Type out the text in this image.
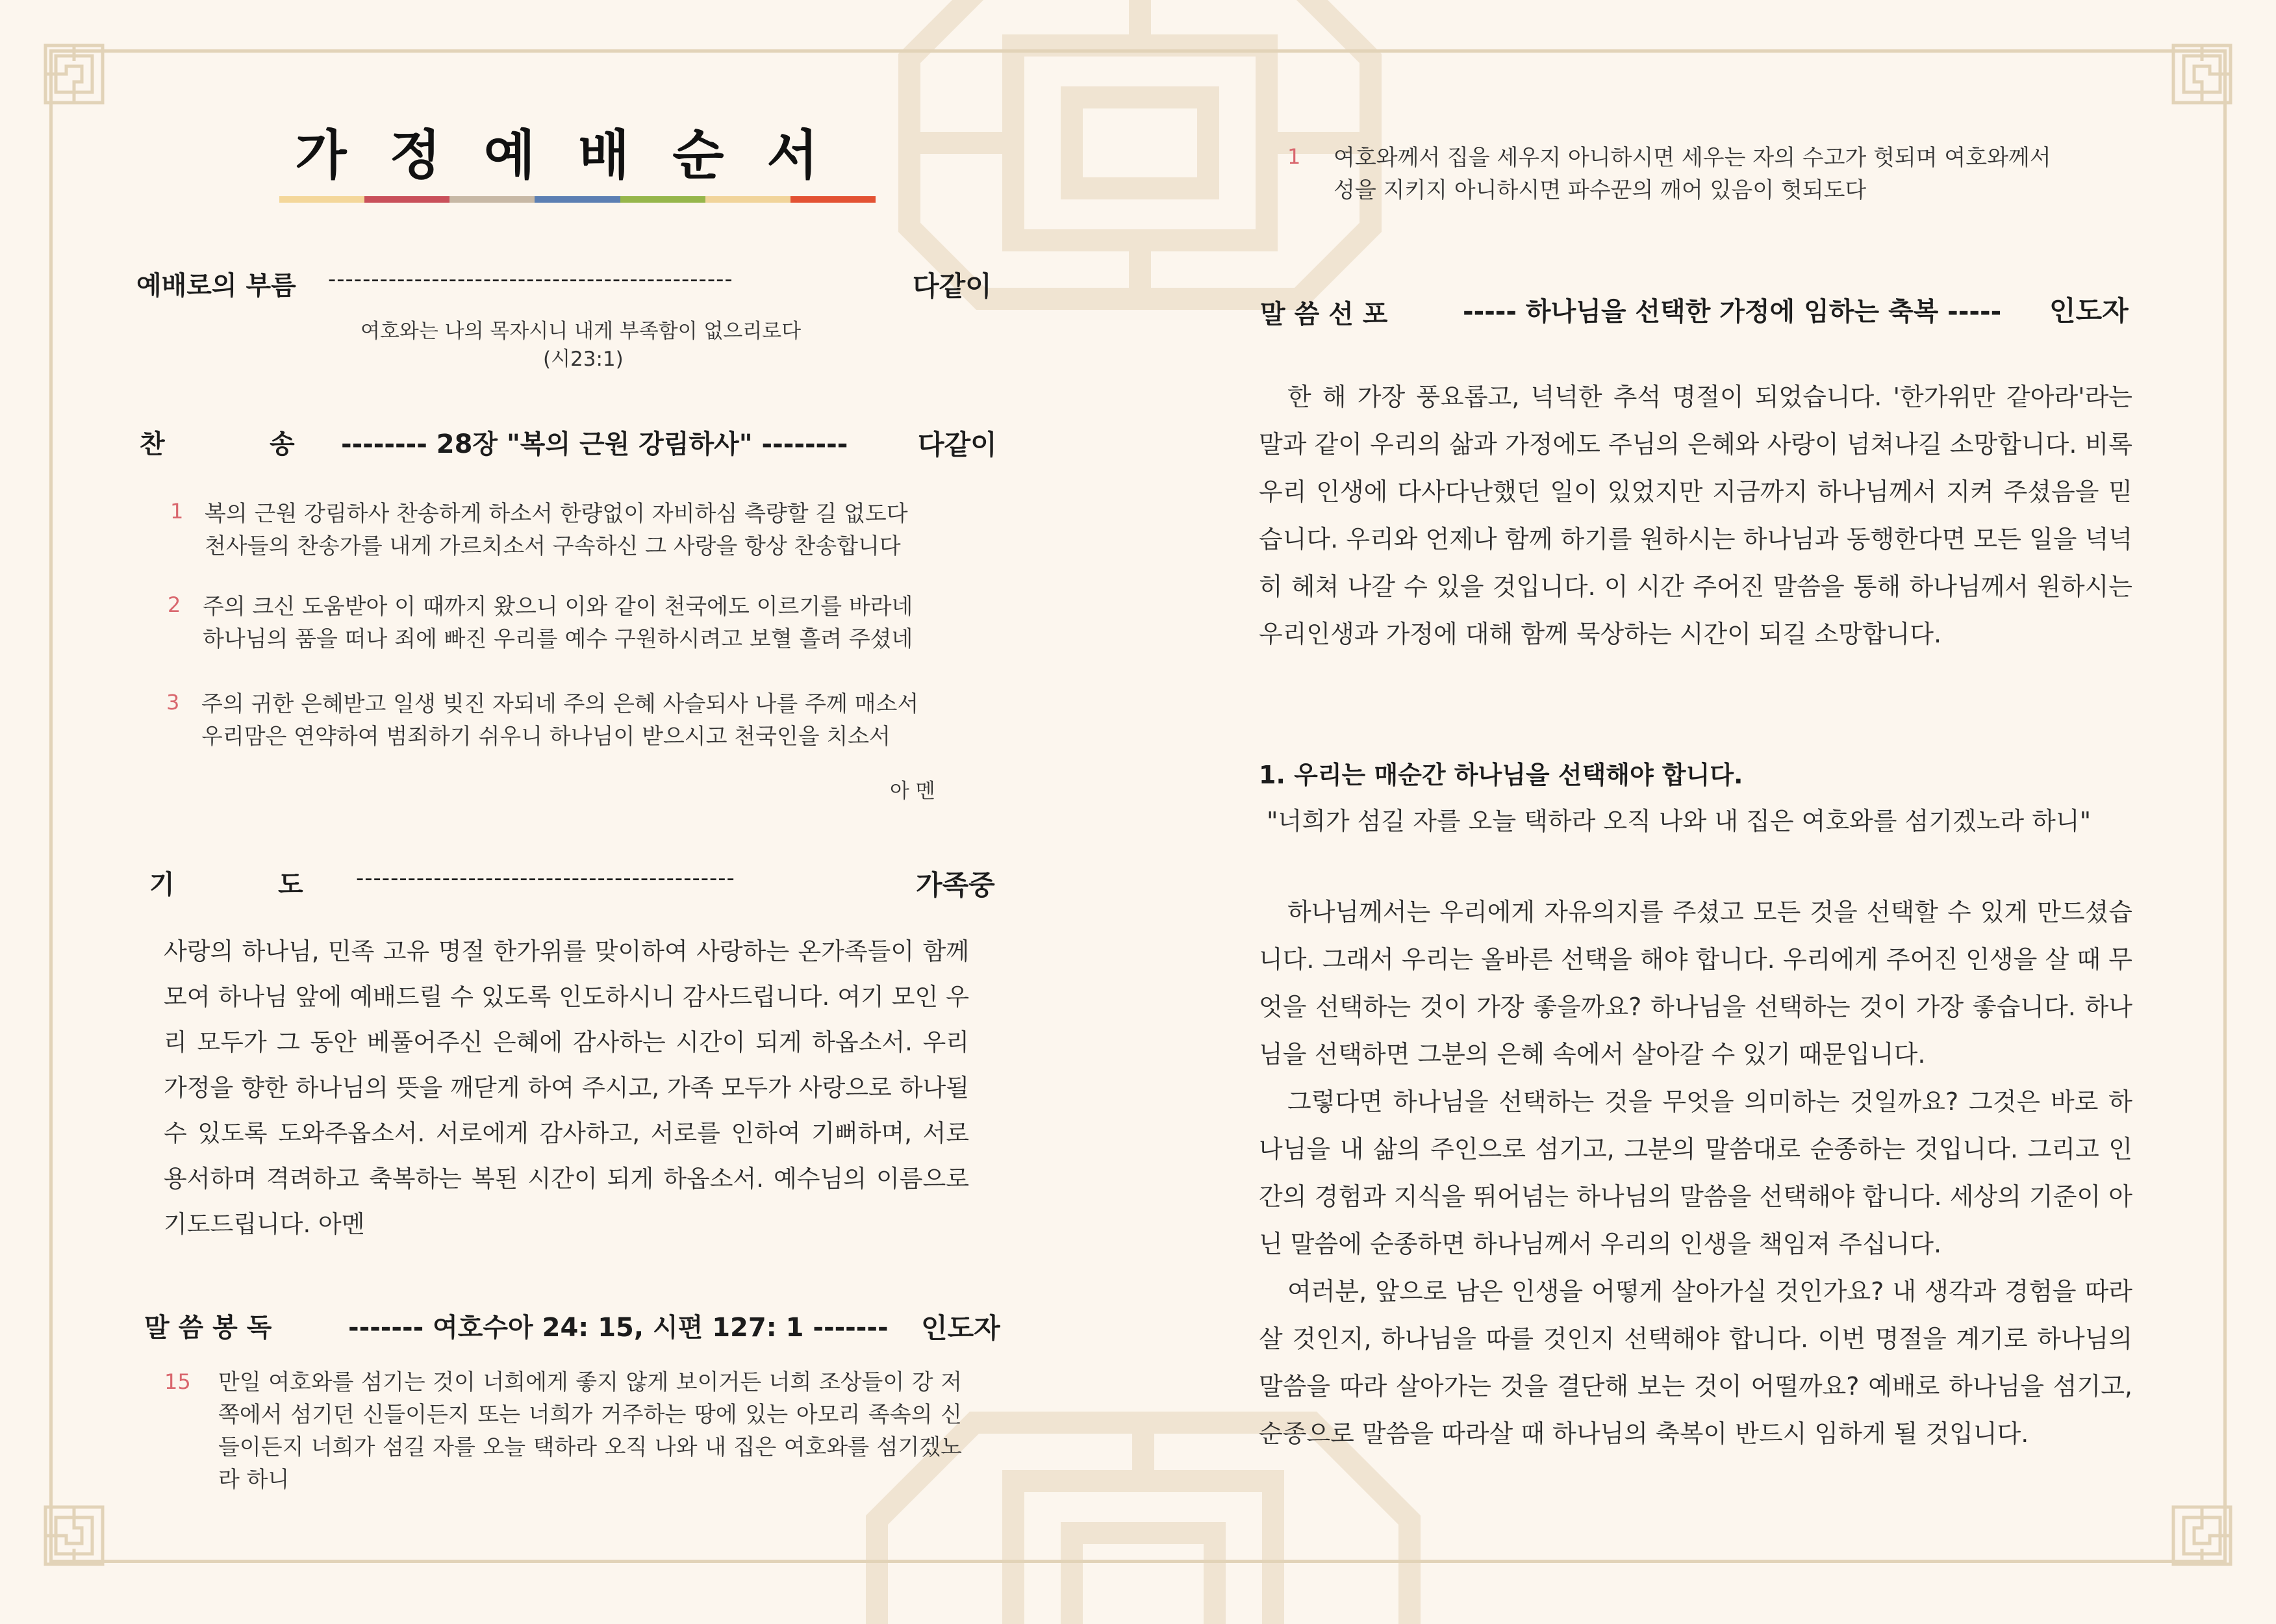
가정예배순서
예배로의 부름 -----------------------------------------------	다같이
여호와는 나의 목자시니 내게 부족함이 없으리로다
(시23:1)
찬	송 -------- 28장 "복의 근원 강림하사" --------	다같이
1 복의 근원 강림하사 찬송하게 하소서 한량없이 자비하심 측량할 길 없도다
천사들의 찬송가를 내게 가르치소서 구속하신 그 사랑을 항상 찬송합니다
2 주의 크신 도움받아 이 때까지 왔으니 이와 같이 천국에도 이르기를 바라네
하나님의 품을 떠나 죄에 빠진 우리를 예수 구원하시려고 보혈 흘려 주셨네
3 주의 귀한 은혜받고 일생 빚진 자되네 주의 은혜 사슬되사 나를 주께 매소서
우리맘은 연약하여 범죄하기 쉬우니 하나님이 받으시고 천국인을 치소서
아 멘
기	도 --------------------------------------------	가족중
사랑의 하나님, 민족 고유 명절 한가위를 맞이하여 사랑하는 온가족들이 함께 모여 하나님 앞에 예배드릴 수 있도록 인도하시니 감사드립니다. 여기 모인 우리 모두가 그 동안 베풀어주신 은혜에 감사하는 시간이 되게 하옵소서. 우리 가정을 향한 하나님의 뜻을 깨닫게 하여 주시고, 가족 모두가 사랑으로 하나될 수 있도록 도와주옵소서. 서로에게 감사하고, 서로를 인하여 기뻐하며, 서로 용서하며 격려하고 축복하는 복된 시간이 되게 하옵소서. 예수님의 이름으로 기도드립니다. 아멘
말 씀 봉 독	------- 여호수아 24: 15, 시편 127: 1 ------- 인도자
15 만일 여호와를 섬기는 것이 너희에게 좋지 않게 보이거든 너희 조상들이 강 저쪽에서 섬기던 신들이든지 또는 너희가 거주하는 땅에 있는 아모리 족속의 신들이든지 너희가 섬길 자를 오늘 택하라 오직 나와 내 집은 여호와를 섬기겠노라 하니
1 여호와께서 집을 세우지 아니하시면 세우는 자의 수고가 헛되며 여호와께서
성을 지키지 아니하시면 파수꾼의 깨어 있음이 헛되도다
말 씀 선 포	----- 하나님을 선택한 가정에 임하는 축복 ----- 인도자

한 해 가장 풍요롭고, 넉넉한 추석 명절이 되었습니다. '한가위만 같아라'라는 말과 같이 우리의 삶과 가정에도 주님의 은혜와 사랑이 넘쳐나길 소망합니다. 비록 우리 인생에 다사다난했던 일이 있었지만 지금까지 하나님께서 지켜 주셨음을 믿습니다. 우리와 언제나 함께 하기를 원하시는 하나님과 동행한다면 모든 일을 넉넉히 헤쳐 나갈 수 있을 것입니다. 이 시간 주어진 말씀을 통해 하나님께서 원하시는 우리인생과 가정에 대해 함께 묵상하는 시간이 되길 소망합니다.

1. 우리는 매순간 하나님을 선택해야 합니다.
"너희가 섬길 자를 오늘 택하라 오직 나와 내 집은 여호와를 섬기겠노라 하니"

하나님께서는 우리에게 자유의지를 주셨고 모든 것을 선택할 수 있게 만드셨습니다. 그래서 우리는 올바른 선택을 해야 합니다. 우리에게 주어진 인생을 살 때 무엇을 선택하는 것이 가장 좋을까요? 하나님을 선택하는 것이 가장 좋습니다. 하나님을 선택하면 그분의 은혜 속에서 살아갈 수 있기 때문입니다.

그렇다면 하나님을 선택하는 것을 무엇을 의미하는 것일까요? 그것은 바로 하나님을 내 삶의 주인으로 섬기고, 그분의 말씀대로 순종하는 것입니다. 그리고 인간의 경험과 지식을 뛰어넘는 하나님의 말씀을 선택해야 합니다. 세상의 기준이 아닌 말씀에 순종하면 하나님께서 우리의 인생을 책임져 주십니다.

여러분, 앞으로 남은 인생을 어떻게 살아가실 것인가요? 내 생각과 경험을 따라 살 것인지, 하나님을 따를 것인지 선택해야 합니다. 이번 명절을 계기로 하나님의 말씀을 따라 살아가는 것을 결단해 보는 것이 어떨까요? 예배로 하나님을 섬기고, 순종으로 말씀을 따라살 때 하나님의 축복이 반드시 임하게 될 것입니다.
